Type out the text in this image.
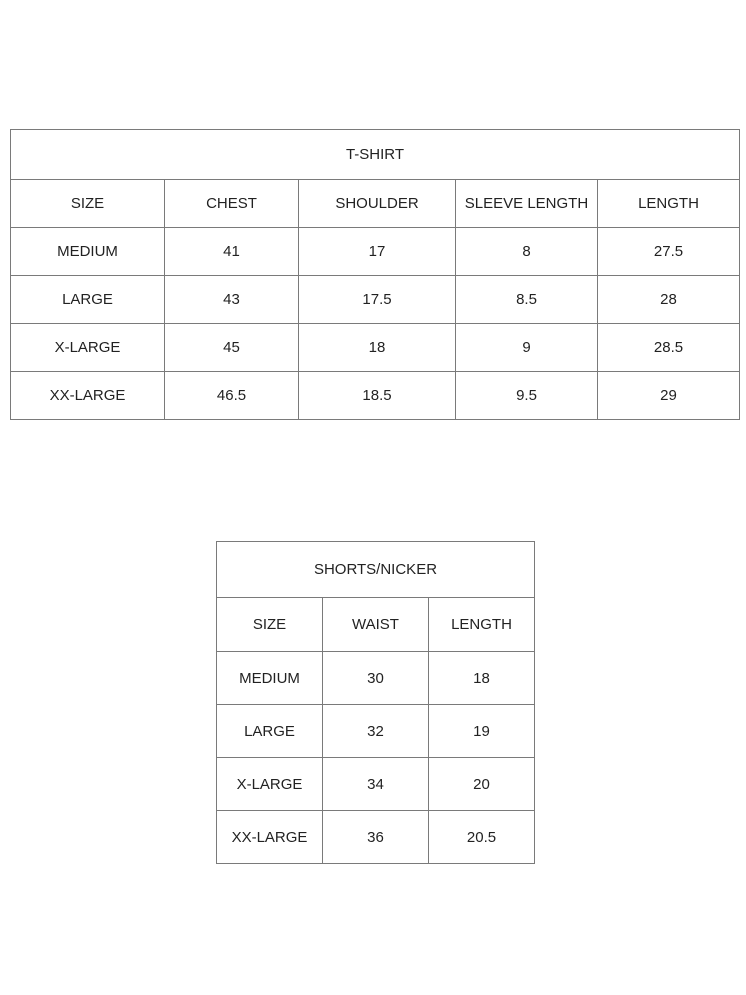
T-SHIRT				
SIZE	CHEST	SHOULDER	SLEEVE LENGTH	LENGTH
MEDIUM	41	17	8	27.5
LARGE	43	17.5	8.5	28
X-LARGE	45	18	9	28.5
XX-LARGE	46.5	18.5	9.5	29
SHORTS/NICKER		
SIZE	WAIST	LENGTH
MEDIUM	30	18
LARGE	32	19
X-LARGE	34	20
XX-LARGE	36	20.5
